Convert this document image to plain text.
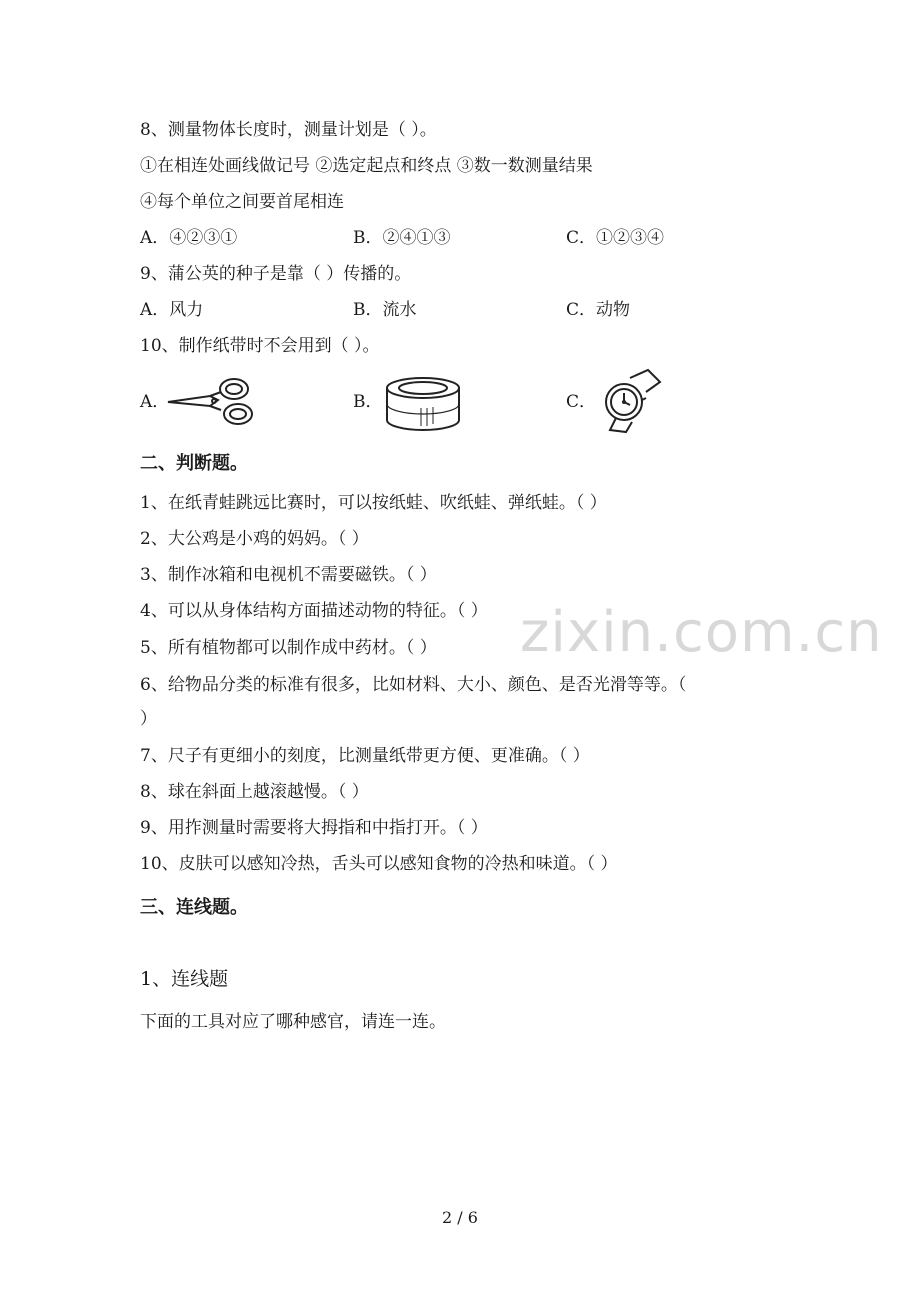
zixin.com.cn
8、测量物体长度时，测量计划是（ ）。
①在相连处画线做记号 ②选定起点和终点 ③数一数测量结果
④每个单位之间要首尾相连
A．④②③①	B．②④①③	C．①②③④
9、蒲公英的种子是靠（ ）传播的。
A．风力	B．流水	C．动物
10、制作纸带时不会用到（ ）。
A．	B．	C．
二、判断题。
1、在纸青蛙跳远比赛时，可以按纸蛙、吹纸蛙、弹纸蛙。（ ）
2、大公鸡是小鸡的妈妈。（ ）
3、制作冰箱和电视机不需要磁铁。（ ）
4、可以从身体结构方面描述动物的特征。（ ）
5、所有植物都可以制作成中药材。（ ）
6、给物品分类的标准有很多，比如材料、大小、颜色、是否光滑等等。（
）
7、尺子有更细小的刻度，比测量纸带更方便、更准确。（ ）
8、球在斜面上越滚越慢。（ ）
9、用拃测量时需要将大拇指和中指打开。（ ）
10、皮肤可以感知冷热，舌头可以感知食物的冷热和味道。（ ）
三、连线题。
1、连线题
下面的工具对应了哪种感官，请连一连。
2 / 6
